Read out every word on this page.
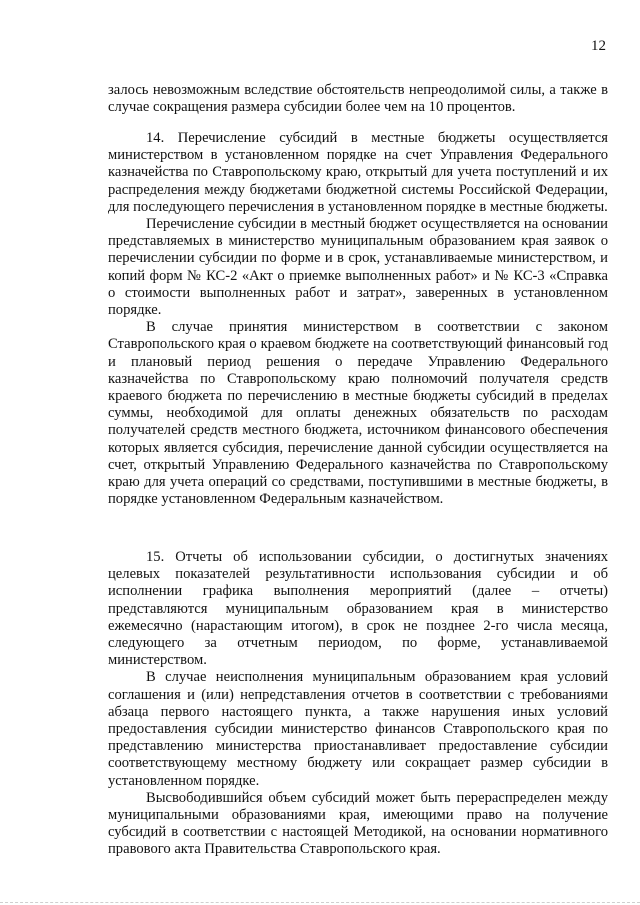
12

залось невозможным вследствие обстоятельств непреодолимой силы, а также в случае сокращения размера субсидии более чем на 10 процентов.

14. Перечисление субсидий в местные бюджеты осуществляется министерством в установленном порядке на счет Управления Федерального казначейства по Ставропольскому краю, открытый для учета поступлений и их распределения между бюджетами бюджетной системы Российской Федерации, для последующего перечисления в установленном порядке в местные бюджеты.

Перечисление субсидии в местный бюджет осуществляется на основании представляемых в министерство муниципальным образованием края заявок о перечислении субсидии по форме и в срок, устанавливаемые министерством, и копий форм № КС-2 «Акт о приемке выполненных работ» и № КС-3 «Справка о стоимости выполненных работ и затрат», заверенных в установленном порядке.

В случае принятия министерством в соответствии с законом Ставропольского края о краевом бюджете на соответствующий финансовый год и плановый период решения о передаче Управлению Федерального казначейства по Ставропольскому краю полномочий получателя средств краевого бюджета по перечислению в местные бюджеты субсидий в пределах суммы, необходимой для оплаты денежных обязательств по расходам получателей средств местного бюджета, источником финансового обеспечения которых является субсидия, перечисление данной субсидии осуществляется на счет, открытый Управлению Федерального казначейства по Ставропольскому краю для учета операций со средствами, поступившими в местные бюджеты, в порядке установленном Федеральным казначейством.

15. Отчеты об использовании субсидии, о достигнутых значениях целевых показателей результативности использования субсидии и об исполнении графика выполнения мероприятий (далее – отчеты) представляются муниципальным образованием края в министерство ежемесячно (нарастающим итогом), в срок не позднее 2-го числа месяца, следующего за отчетным периодом, по форме, устанавливаемой министерством.

В случае неисполнения муниципальным образованием края условий соглашения и (или) непредставления отчетов в соответствии с требованиями абзаца первого настоящего пункта, а также нарушения иных условий предоставления субсидии министерство финансов Ставропольского края по представлению министерства приостанавливает предоставление субсидии соответствующему местному бюджету или сокращает размер субсидии в установленном порядке.

Высвободившийся объем субсидий может быть перераспределен между муниципальными образованиями края, имеющими право на получение субсидий в соответствии с настоящей Методикой, на основании нормативного правового акта Правительства Ставропольского края.
